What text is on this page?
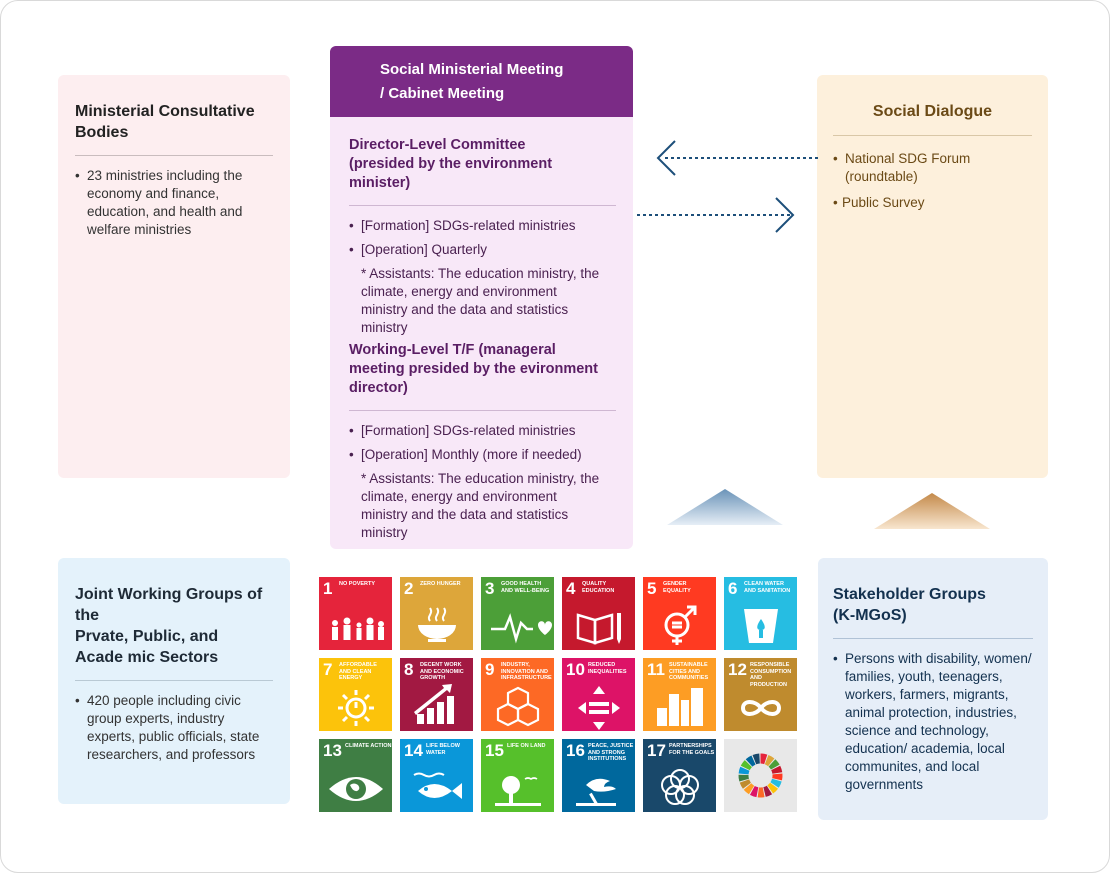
Ministerial Consultative Bodies
• 23 ministries including the economy and finance, education, and health and welfare ministries
Social Ministerial Meeting
/ Cabinet Meeting
Director-Level Committee
(presided by the environment
minister)
• [Formation] SDGs-related ministries
• [Operation] Quarterly
* Assistants: The education ministry, the
climate, energy and environment
ministry and the data and statistics
ministry
Working-Level T/F (manageral
meeting presided by the evironment
director)
• [Formation] SDGs-related ministries
• [Operation] Monthly (more if needed)
* Assistants: The education ministry, the
climate, energy and environment
ministry and the data and statistics
ministry
Social Dialogue
• National SDG Forum (roundtable)
• Public Survey
Joint Working Groups of the
Prvate, Public, and
Acade mic Sectors
• 420 people including civic group experts, industry experts, public officials, state researchers, and professors
Stakeholder Groups
(K-MGoS)
• Persons with disability, women/ families, youth, teenagers, workers, farmers, migrants, animal protection, industries, science and technology, education/ academia, local communites, and local governments
1 NO POVERTY	2 ZERO HUNGER	3 GOOD HEALTH AND WELL-BEING 4 QUALITY EDUCATION	5 GENDER EQUALITY	6 CLEAN WATER AND SANITATION
7 AFFORDABLE AND CLEAN ENERGY	8 DECENT WORK AND ECONOMIC GROWTH	9 INDUSTRY, INNOVATION AND INFRASTRUCTURE 10 REDUCED INEQUALITIES	11 SUSTAINABLE CITIES AND COMMUNITIES	12 RESPONSIBLE CONSUMPTION AND PRODUCTION
13 CLIMATE ACTION 14 LIFE BELOW WATER	15 LIFE ON LAND	16 PEACE, JUSTICE AND STRONG INSTITUTIONS	17 PARTNERSHIPS FOR THE GOALS
